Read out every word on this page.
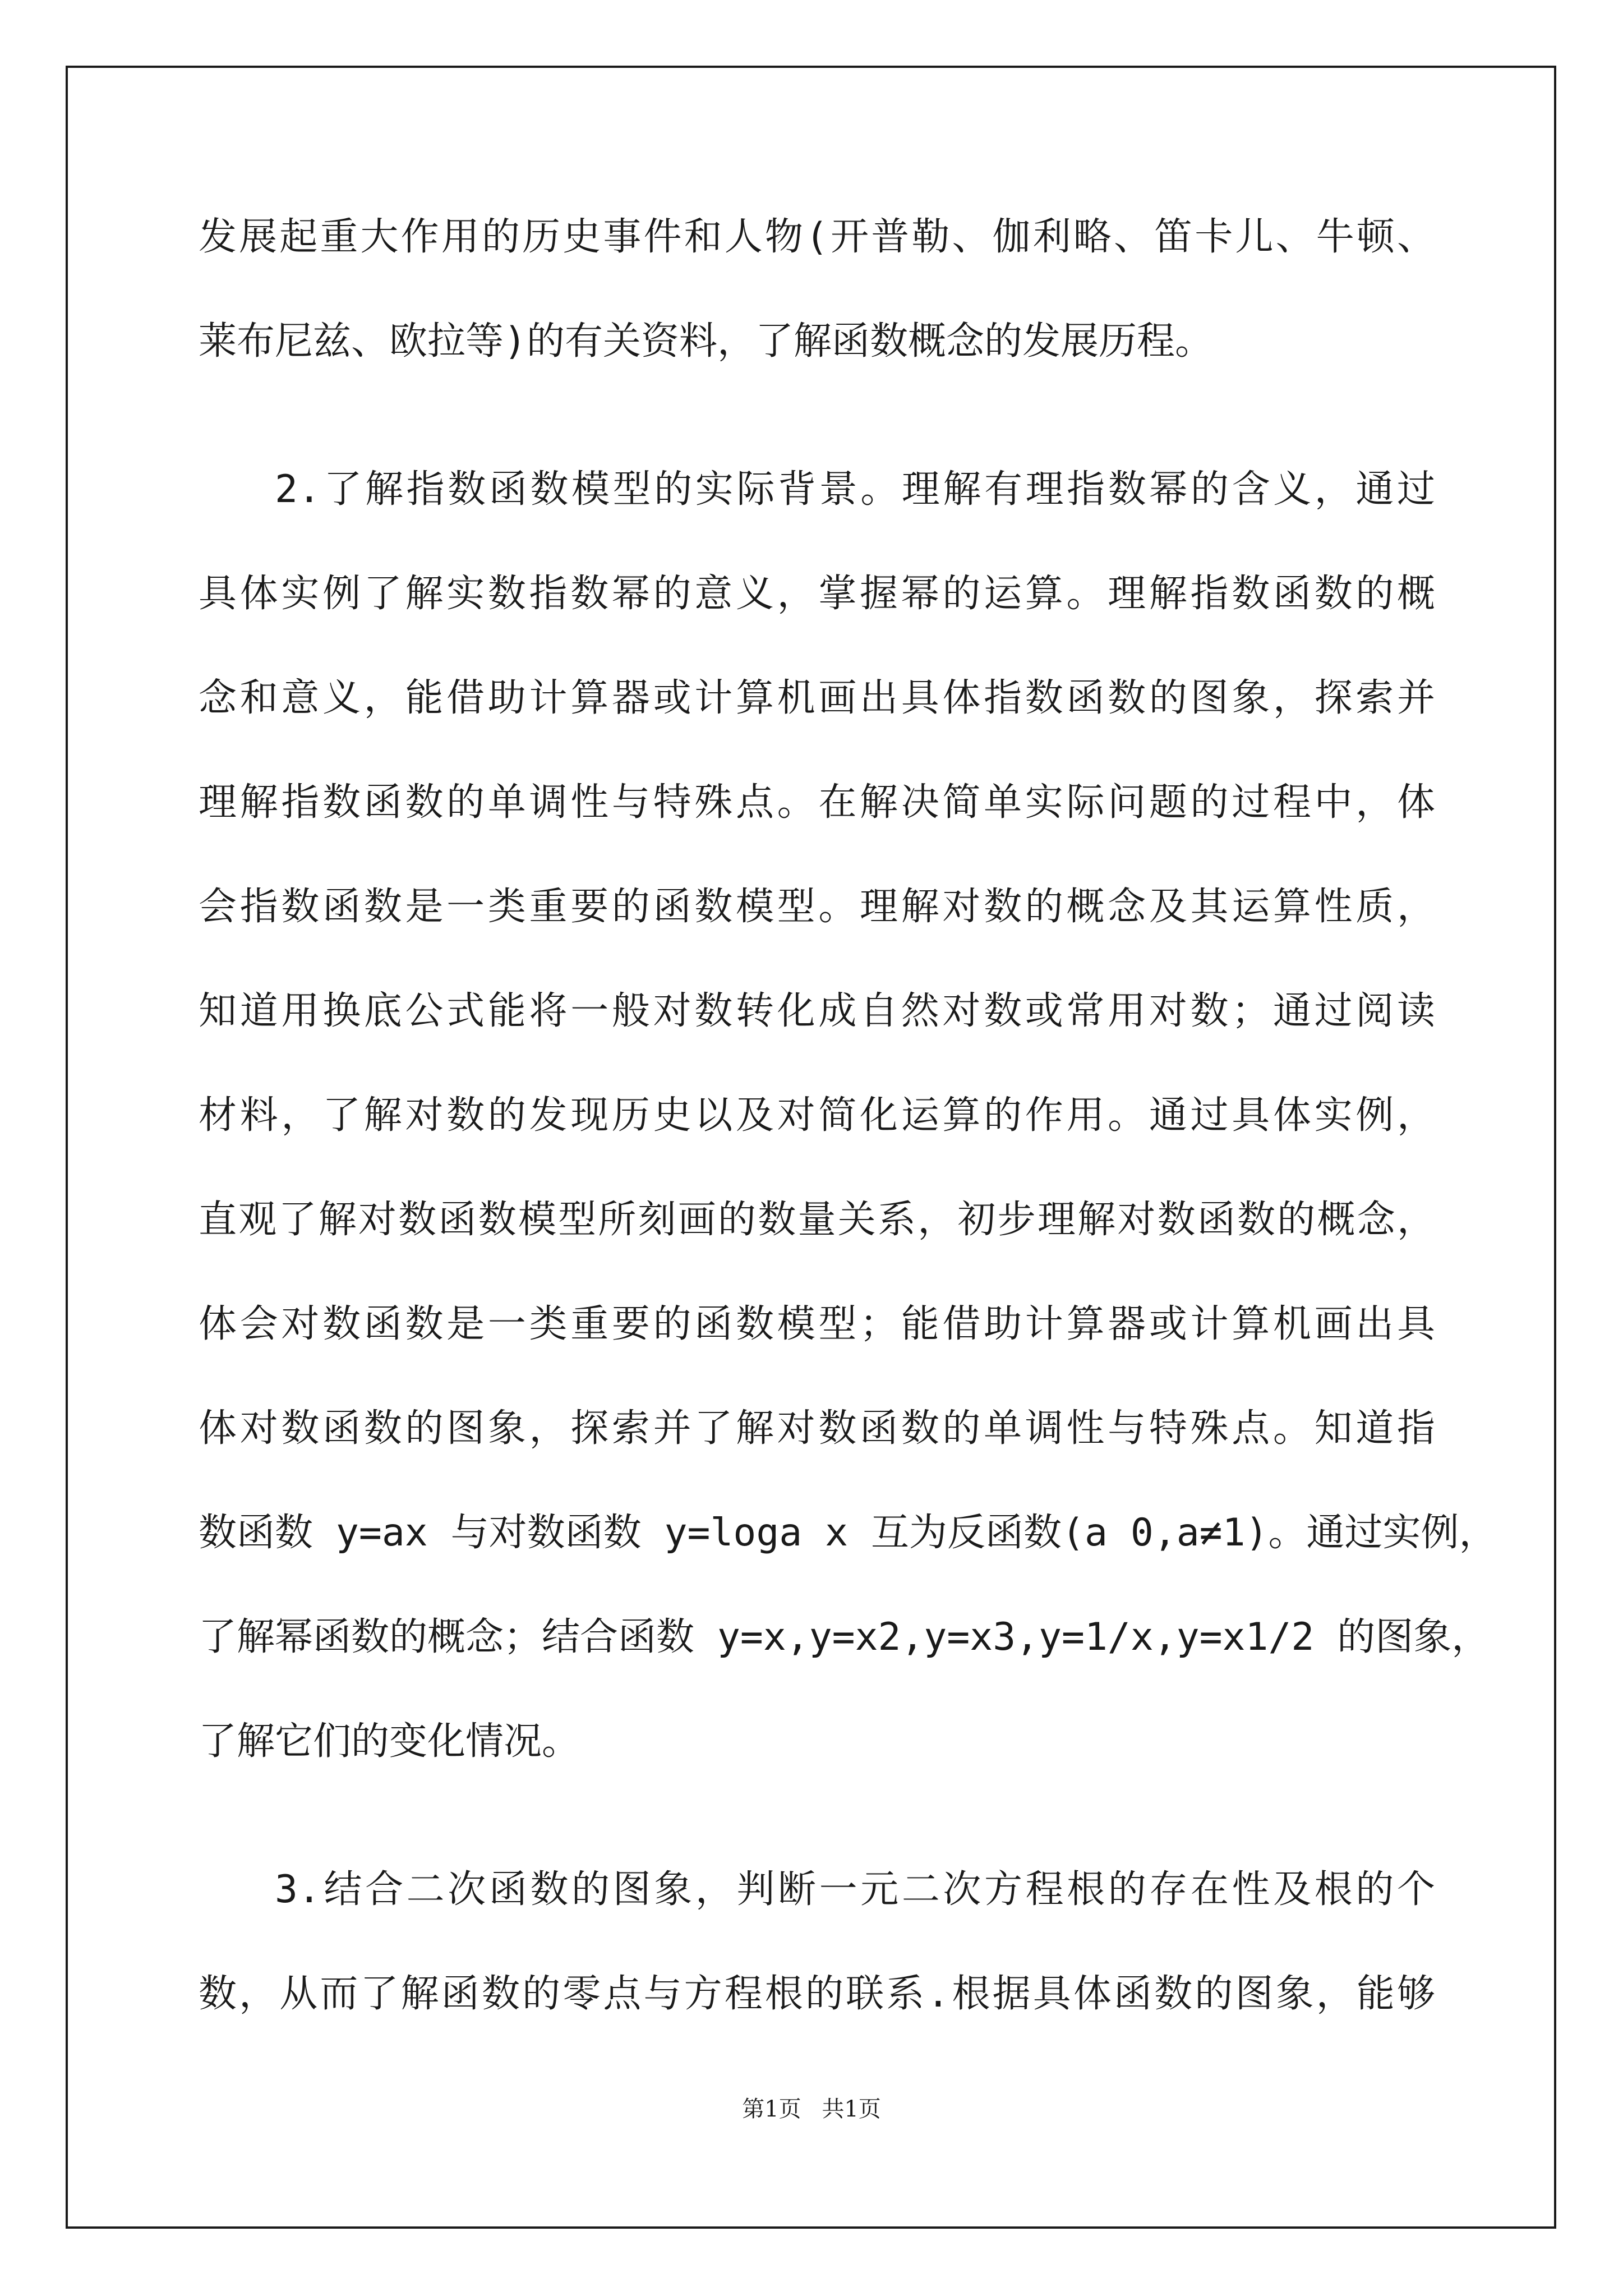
发展起重大作用的历史事件和人物(开普勒、伽利略、笛卡儿、牛顿、
莱布尼兹、欧拉等)的有关资料，了解函数概念的发展历程。
2.了解指数函数模型的实际背景。理解有理指数幂的含义，通过
具体实例了解实数指数幂的意义，掌握幂的运算。理解指数函数的概
念和意义，能借助计算器或计算机画出具体指数函数的图象，探索并
理解指数函数的单调性与特殊点。在解决简单实际问题的过程中，体
会指数函数是一类重要的函数模型。理解对数的概念及其运算性质，
知道用换底公式能将一般对数转化成自然对数或常用对数；通过阅读
材料，了解对数的发现历史以及对简化运算的作用。通过具体实例，
直观了解对数函数模型所刻画的数量关系，初步理解对数函数的概念，
体会对数函数是一类重要的函数模型；能借助计算器或计算机画出具
体对数函数的图象，探索并了解对数函数的单调性与特殊点。知道指
数函数 y=ax 与对数函数 y=loga x 互为反函数(a 0,a≠1)。通过实例，
了解幂函数的概念；结合函数 y=x,y=x2,y=x3,y=1/x,y=x1/2 的图象，
了解它们的变化情况。
3.结合二次函数的图象，判断一元二次方程根的存在性及根的个
数，从而了解函数的零点与方程根的联系.根据具体函数的图象，能够
第1页 共1页
